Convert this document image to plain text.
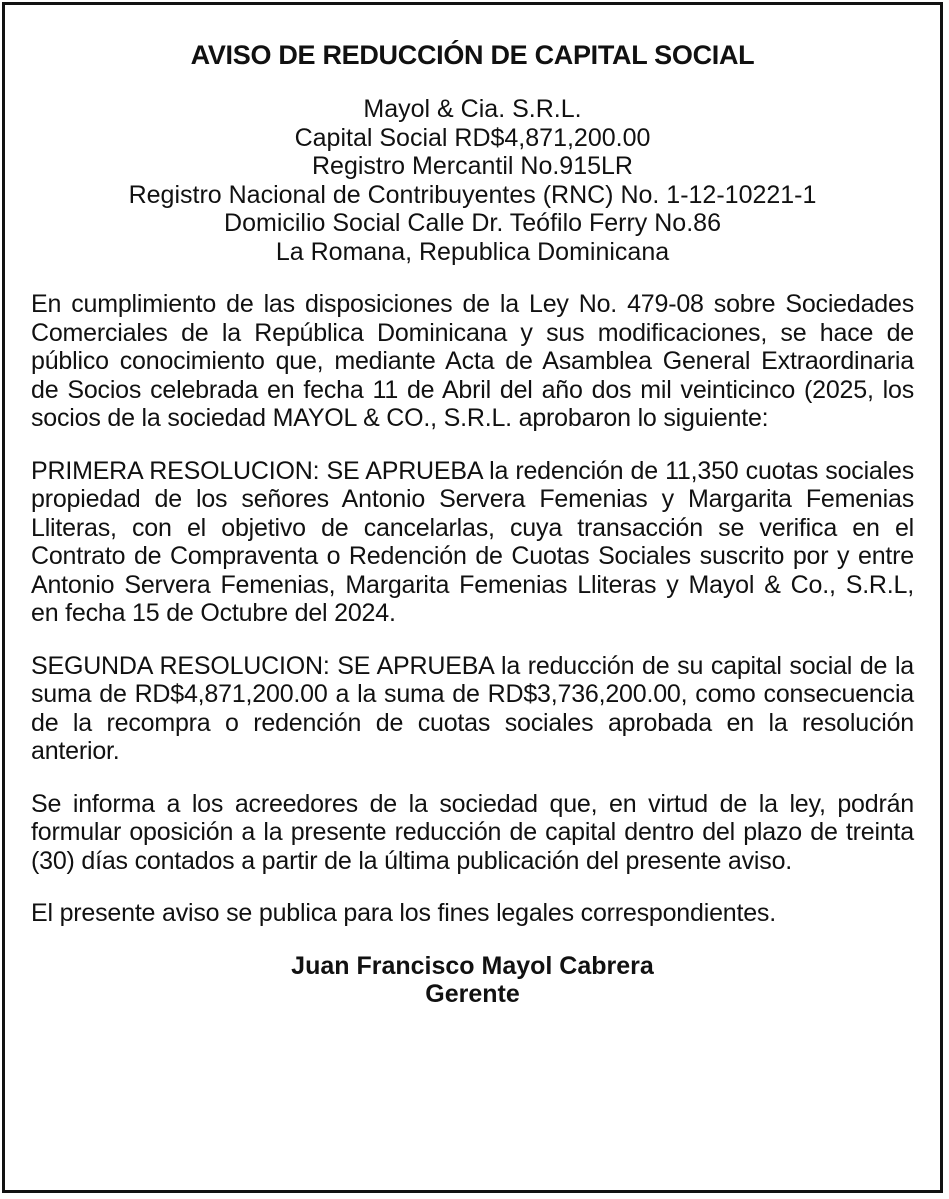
AVISO DE REDUCCIÓN DE CAPITAL SOCIAL
Mayol & Cia. S.R.L.
Capital Social RD$4,871,200.00
Registro Mercantil No.915LR
Registro Nacional de Contribuyentes (RNC) No. 1-12-10221-1
Domicilio Social Calle Dr. Teófilo Ferry No.86
La Romana, Republica Dominicana
En cumplimiento de las disposiciones de la Ley No. 479-08 sobre Sociedades Comerciales de la República Dominicana y sus modificaciones, se hace de público conocimiento que, mediante Acta de Asamblea General Extraordinaria de Socios celebrada en fecha 11 de Abril del año dos mil veinticinco (2025, los socios de la sociedad MAYOL & CO., S.R.L. aprobaron lo siguiente:
PRIMERA RESOLUCION: SE APRUEBA la redención de 11,350 cuotas sociales propiedad de los señores Antonio Servera Femenias y Margarita Femenias Lliteras, con el objetivo de cancelarlas, cuya transacción se verifica en el Contrato de Compraventa o Redención de Cuotas Sociales suscrito por y entre Antonio Servera Femenias, Margarita Femenias Lliteras y Mayol & Co., S.R.L, en fecha 15 de Octubre del 2024.
SEGUNDA RESOLUCION: SE APRUEBA la reducción de su capital social de la suma de RD$4,871,200.00 a la suma de RD$3,736,200.00, como consecuencia de la recompra o redención de cuotas sociales aprobada en la resolución anterior.
Se informa a los acreedores de la sociedad que, en virtud de la ley, podrán formular oposición a la presente reducción de capital dentro del plazo de treinta (30) días contados a partir de la última publicación del presente aviso.
El presente aviso se publica para los fines legales correspondientes.
Juan Francisco Mayol Cabrera
Gerente
